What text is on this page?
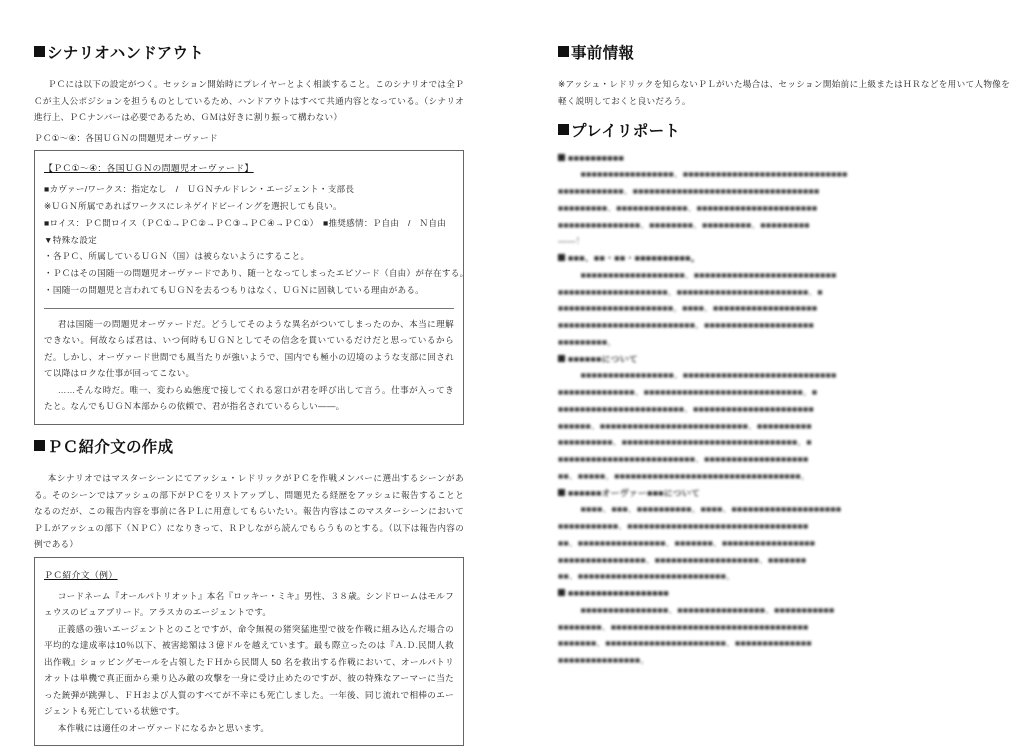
シナリオハンドアウト

ＰＣには以下の設定がつく。セッション開始時にプレイヤーとよく相談すること。このシナリオでは全ＰＣが主人公ポジションを担うものとしているため、ハンドアウトはすべて共通内容となっている。（シナリオ進行上、ＰＣナンバーは必要であるため、ＧＭは好きに割り振って構わない）

ＰＣ①～④：各国ＵＧＮの問題児オーヴァード

【ＰＣ①～④：各国ＵＧＮの問題児オーヴァード】

■カヴァー/ワークス：指定なし　/　ＵＧＮチルドレン・エージェント・支部長

※ＵＧＮ所属であればワークスにレネゲイドビーイングを選択しても良い。

■ロイス：ＰＣ間ロイス（ＰＣ①→ＰＣ②→ＰＣ③→ＰＣ④→ＰＣ①）　■推奨感情：Ｐ自由　/　Ｎ自由

▼特殊な設定

・各ＰＣ、所属しているＵＧＮ（国）は被らないようにすること。

・ＰＣはその国随一の問題児オーヴァードであり、随一となってしまったエピソード（自由）が存在する。

・国随一の問題児と言われてもＵＧＮを去るつもりはなく、ＵＧＮに固執している理由がある。

君は国随一の問題児オーヴァードだ。どうしてそのような異名がついてしまったのか、本当に理解できない。何故ならば君は、いつ何時もＵＧＮとしてその信念を貫いているだけだと思っているからだ。しかし、オーヴァード世間でも風当たりが強いようで、国内でも極小の辺境のような支部に回されて以降はロクな仕事が回ってこない。

……そんな時だ。唯一、変わらぬ態度で接してくれる窓口が君を呼び出して言う。仕事が入ってきたと。なんでもＵＧＮ本部からの依頼で、君が指名されているらしい――。

ＰＣ紹介文の作成

本シナリオではマスターシーンにてアッシュ・レドリックがＰＣを作戦メンバーに選出するシーンがある。そのシーンではアッシュの部下がＰＣをリストアップし、問題児たる経歴をアッシュに報告することとなるのだが、この報告内容を事前に各ＰＬに用意してもらいたい。報告内容はこのマスターシーンにおいてＰＬがアッシュの部下（ＮＰＣ）になりきって、ＲＰしながら読んでもらうものとする。（以下は報告内容の例である）

ＰＣ紹介文（例）

コードネーム『オールパトリオット』本名『ロッキー・ミキ』男性、３８歳。シンドロームはモルフェウスのピュアブリード。アラスカのエージェントです。

正義感の強いエージェントとのことですが、命令無視の猪突猛進型で彼を作戦に組み込んだ場合の平均的な達成率は10％以下、被害総額は３億ドルを越えています。最も際立ったのは『Ａ.Ｄ.民間人救出作戦』ショッピングモールを占領したＦＨから民間人 50 名を救出する作戦において、オールパトリオットは単機で真正面から乗り込み敵の攻撃を一身に受け止めたのですが、彼の特殊なアーマーに当たった銃弾が跳弾し、ＦＨおよび人質のすべてが不幸にも死亡しました。一年後、同じ流れで相棒のエージェントも死亡している状態です。

本作戦には適任のオーヴァードになるかと思います。

事前情報

※アッシュ・レドリックを知らないＰＬがいた場合は、セッション開始前に上級またはＨＲなどを用いて人物像を軽く説明しておくと良いだろう。

プレイリポート

■■■■■■■■■■

　■■■■■■■■■■■■■■■■■、■■■■■■■■■■■■■■■■■■■■■■■■■■■■■■

■■■■■■■■■■■■、■■■■■■■■■■■■■■■■■■■■■■■■■■■■■■■■■■

■■■■■■■■■、■■■■■■■■■■■■■、■■■■■■■■■■■■■■■■■■■■■■

■■■■■■■■■■■■■■■、■■■■■■■■、■■■■■■■■■、■■■■■■■■■

――！

■■■、■■・■■・■■■■■■■■■■。

　■■■■■■■■■■■■■■■■■■■、■■■■■■■■■■■■■■■■■■■■■■■■■■

■■■■■■■■■■■■■■■■■■■■。■■■■■■■■■■■■■■■■■■■■■■■■、■

■■■■■■■■■■■■■■■■■■■■■。■■■■、■■■■■■■■■■■■■■■■■■■

■■■■■■■■■■■■■■■■■■■■■■■■■。■■■■■■■■■■■■■■■■■■■■

■■■■■■■■■。

■■■■■■について

　■■■■■■■■■■■■■■■■■、■■■■■■■■■■■■■■■■■■■■■■■■■■■■

■■■■■■■■■■■■■■、■■■■■■■■■■■■■■■■■■■■■■■■■■■■■。■

■■■■■■■■■■■■■■■■■■■■■■■、■■■■■■■■■■■■■■■■■■■■■■

■■■■■■、■■■■■■■■■■■■■■■■■■■■■■■■■■■、■■■■■■■■■■

■■■■■■■■■■、■■■■■■■■■■■■■■■■■■■■■■■■■■■■■■■■。■

■■■■■■■■■■■■■■■■■■■■■■■■■、■■■■■■■■■■■■■■■■■■■

■■、■■■■■。■■■■■■■■■■■■■■■■■■■■■■■■■■■■■■■■■■。

■■■■■■オーヴァー■■■について

　■■■■、■■■、■■■■■■■■■■。■■■■、■■■■■■■■■■■■■■■■■■■■

■■■■■■■■■■■、■■■■■■■■■■■■■■■■■■■■■■■■■■■■■■■■■

■■、■■■■■■■■■■■■■■■■、■■■■■■■、■■■■■■■■■■■■■■■■■

■■■■■■■■■■■■■■■■、■■■■■■■■■■■■■■■■■■■、■■■■■■■

■■、■■■■■■■■■■■■■■■■■■■■■■■■■■■。

■■■■■■■■■■■■■■■■■■

　■■■■■■■■■■■■■■■■、■■■■■■■■■■■■■■■■、■■■■■■■■■■■

■■■■■■■■、■■■■■■■■■■■■■■■■■■■■■■■■■■■■■■■■■■■■

■■■■■■■、■■■■■■■■■■■■■■■■■■■■■■、■■■■■■■■■■■■■■

■■■■■■■■■■■■■■■。
